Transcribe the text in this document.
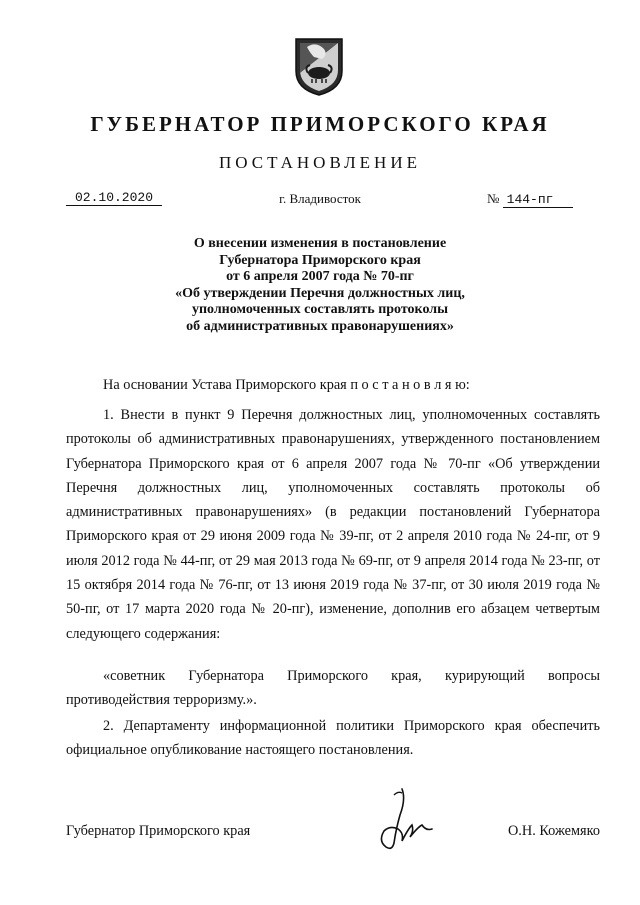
ГУБЕРНАТОР ПРИМОРСКОГО КРАЯ
ПОСТАНОВЛЕНИЕ
02.10.2020	г. Владивосток	№ 144-пг
О внесении изменения в постановление
Губернатора Приморского края
от 6 апреля 2007 года № 70-пг
«Об утверждении Перечня должностных лиц,
уполномоченных составлять протоколы
об административных правонарушениях»
На основании Устава Приморского края п о с т а н о в л я ю:
1. Внести в пункт 9 Перечня должностных лиц, уполномоченных составлять протоколы об административных правонарушениях, утвержденного постановлением Губернатора Приморского края от 6 апреля 2007 года № 70-пг «Об утверждении Перечня должностных лиц, уполномоченных составлять протоколы об административных правонарушениях» (в редакции постановлений Губернатора Приморского края от 29 июня 2009 года № 39-пг, от 2 апреля 2010 года № 24-пг, от 9 июля 2012 года № 44-пг, от 29 мая 2013 года № 69-пг, от 9 апреля 2014 года № 23-пг, от 15 октября 2014 года № 76-пг, от 13 июня 2019 года № 37-пг, от 30 июля 2019 года № 50-пг, от 17 марта 2020 года № 20-пг), изменение, дополнив его абзацем четвертым следующего содержания:
«советник Губернатора Приморского края, курирующий вопросы противодействия терроризму.».
2. Департаменту информационной политики Приморского края обеспечить официальное опубликование настоящего постановления.
Губернатор Приморского края	О.Н. Кожемяко
